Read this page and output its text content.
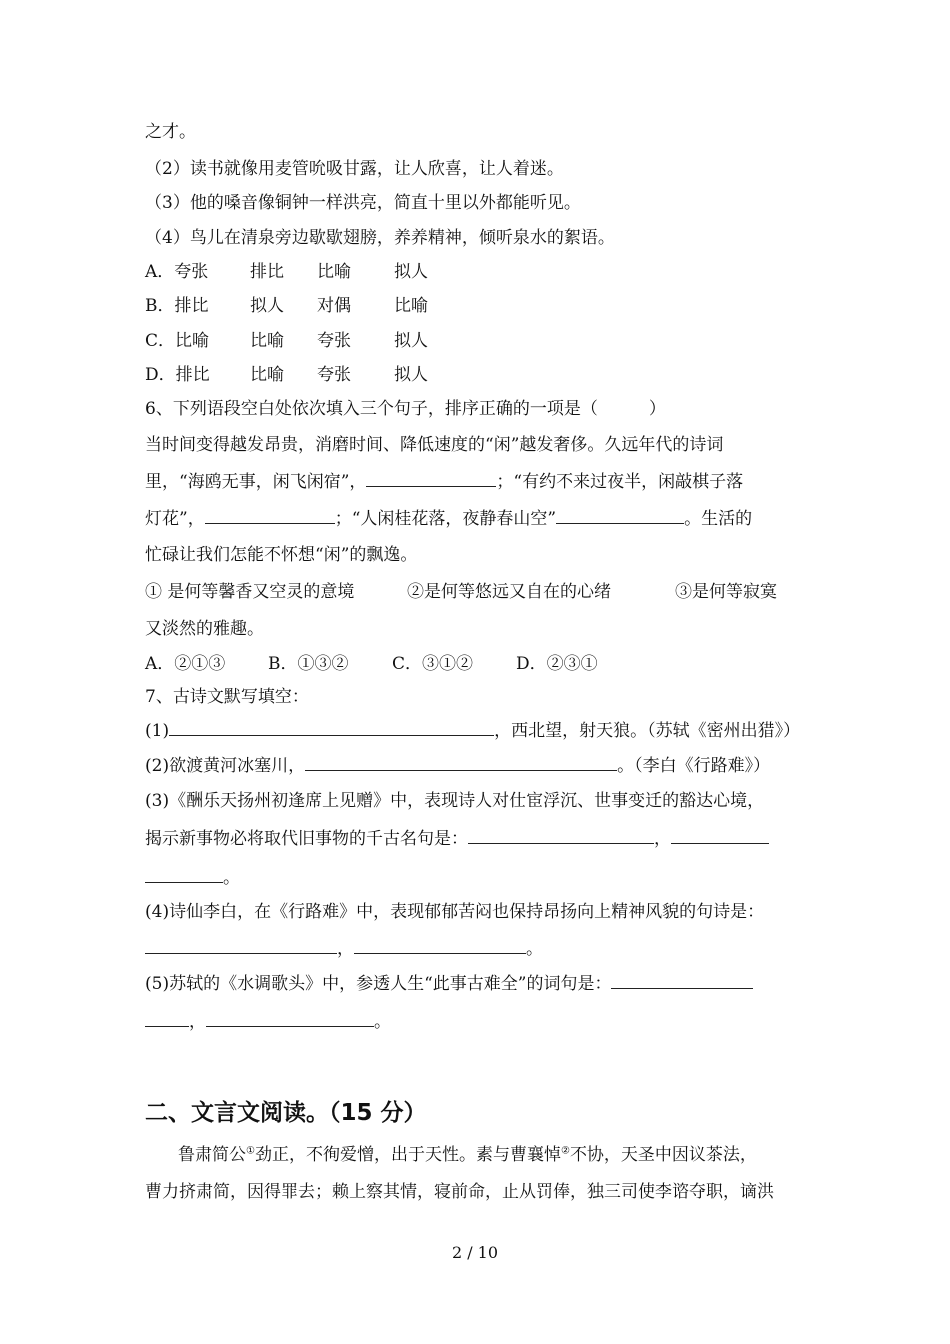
之才。
（2）读书就像用麦管吮吸甘露，让人欣喜，让人着迷。
（3）他的嗓音像铜钟一样洪亮，简直十里以外都能听见。
（4）鸟儿在清泉旁边歇歇翅膀，养养精神，倾听泉水的絮语。
A．夸张 排比 比喻	拟人
B．排比 拟人 对偶	比喻
C．比喻 比喻 夸张	拟人
D．排比 比喻 夸张	拟人
6、下列语段空白处依次填入三个句子，排序正确的一项是（　　　）
当时间变得越发昂贵，消磨时间、降低速度的“闲”越发奢侈。久远年代的诗词
里，“海鸥无事，闲飞闲宿”，	；“有约不来过夜半，闲敲棋子落
灯花”，	；“人闲桂花落，夜静春山空”	。生活的
忙碌让我们怎能不怀想“闲”的飘逸。
① 是何等馨香又空灵的意境	②是何等悠远又自在的心绪	③是何等寂寞
又淡然的雅趣。
A．②①③	B．①③②	C．③①②	D．②③①
7、古诗文默写填空：
(1)	，西北望，射天狼。（苏轼《密州出猎》）
(2)欲渡黄河冰塞川，	。（李白《行路难》）
(3)《酬乐天扬州初逢席上见赠》中，表现诗人对仕宦浮沉、世事变迁的豁达心境，
揭示新事物必将取代旧事物的千古名句是：	，
。
(4)诗仙李白，在《行路难》中，表现郁郁苦闷也保持昂扬向上精神风貌的句诗是：
，	。
(5)苏轼的《水调歌头》中，参透人生“此事古难全”的词句是：
，	。
二、文言文阅读。（15 分）
鲁肃简公①劲正，不徇爱憎，出于天性。素与曹襄悼②不协，天圣中因议茶法，
曹力挤肃简，因得罪去；赖上察其情，寝前命，止从罚俸，独三司使李谘夺职，谪洪
2 / 10
